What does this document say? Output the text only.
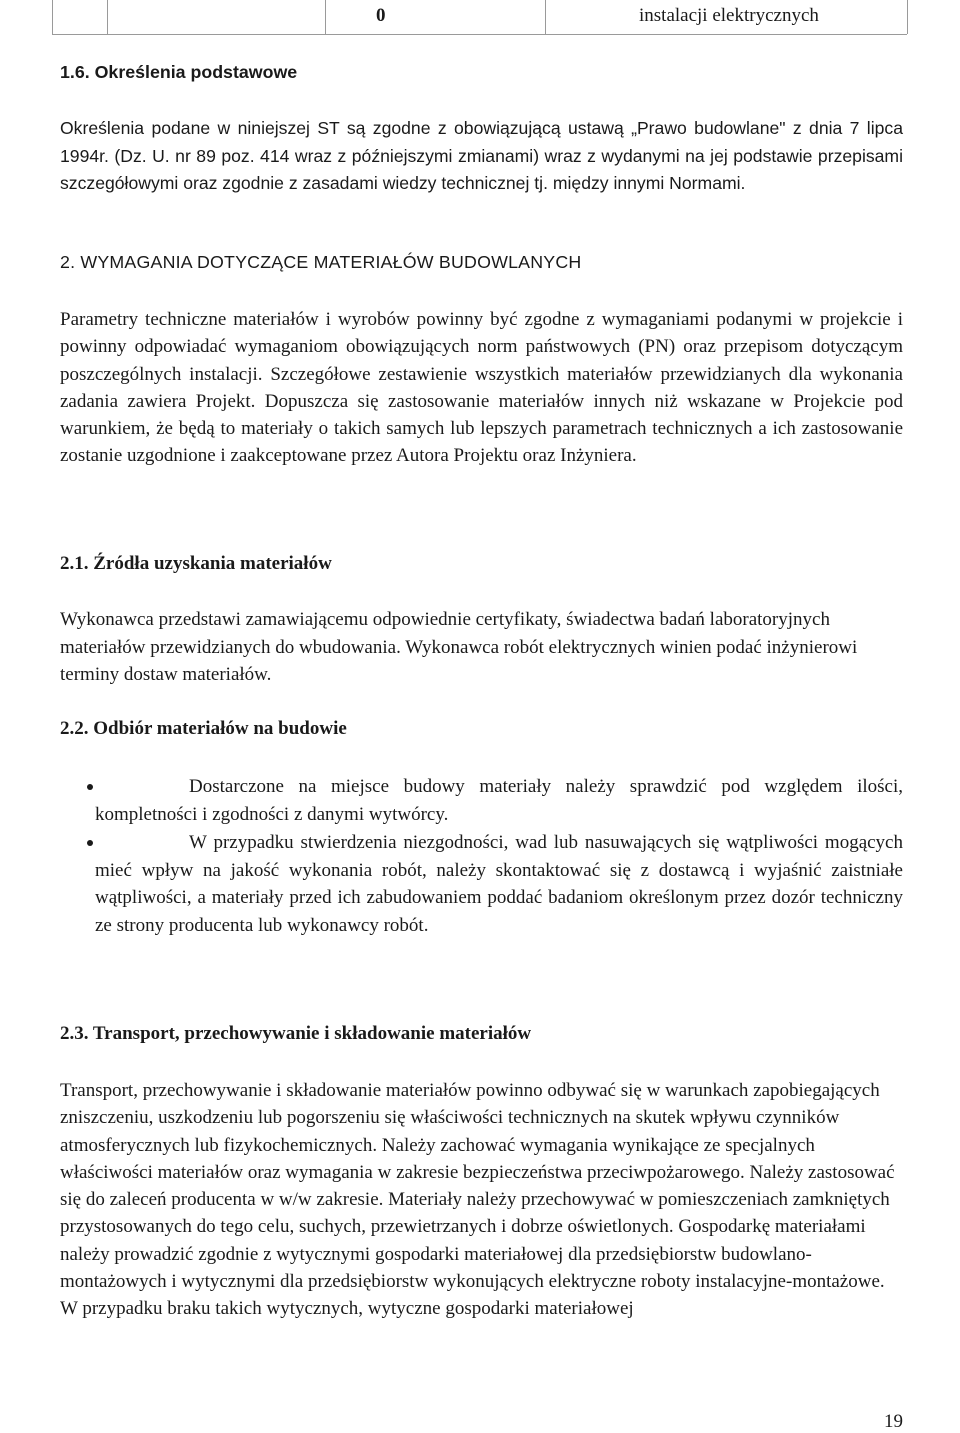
0	instalacji elektrycznych
1.6. Określenia podstawowe
Określenia podane w niniejszej ST są zgodne z obowiązującą ustawą „Prawo budowlane" z dnia 7 lipca 1994r. (Dz. U. nr 89 poz. 414 wraz z późniejszymi zmianami) wraz z wydanymi na jej podstawie przepisami szczegółowymi oraz zgodnie z zasadami wiedzy technicznej tj. między innymi Normami.
2. WYMAGANIA DOTYCZĄCE MATERIAŁÓW BUDOWLANYCH
Parametry techniczne materiałów i wyrobów powinny być zgodne z wymaganiami podanymi w projekcie i powinny odpowiadać wymaganiom obowiązujących norm państwowych (PN) oraz przepisom dotyczącym poszczególnych instalacji. Szczegółowe zestawienie wszystkich materiałów przewidzianych dla wykonania zadania zawiera Projekt. Dopuszcza się zastosowanie materiałów innych niż wskazane w Projekcie pod warunkiem, że będą to materiały o takich samych lub lepszych parametrach technicznych a ich zastosowanie zostanie uzgodnione i zaakceptowane przez Autora Projektu oraz Inżyniera.
2.1. Źródła uzyskania materiałów
Wykonawca przedstawi zamawiającemu odpowiednie certyfikaty, świadectwa badań laboratoryjnych materiałów przewidzianych do wbudowania. Wykonawca robót elektrycznych winien podać inżynierowi terminy dostaw materiałów.
2.2. Odbiór materiałów na budowie
Dostarczone na miejsce budowy materiały należy sprawdzić pod względem ilości, kompletności i zgodności z danymi wytwórcy.
W przypadku stwierdzenia niezgodności, wad lub nasuwających się wątpliwości mogących mieć wpływ na jakość wykonania robót, należy skontaktować się z dostawcą i wyjaśnić zaistniałe wątpliwości, a materiały przed ich zabudowaniem poddać badaniom określonym przez dozór techniczny ze strony producenta lub wykonawcy robót.
2.3. Transport, przechowywanie i składowanie materiałów
Transport, przechowywanie i składowanie materiałów powinno odbywać się w warunkach zapobiegających zniszczeniu, uszkodzeniu lub pogorszeniu się właściwości technicznych na skutek wpływu czynników atmosferycznych lub fizykochemicznych. Należy zachować wymagania wynikające ze specjalnych właściwości materiałów oraz wymagania w zakresie bezpieczeństwa przeciwpożarowego. Należy zastosować się do zaleceń producenta w w/w zakresie. Materiały należy przechowywać w pomieszczeniach zamkniętych przystosowanych do tego celu, suchych, przewietrzanych i dobrze oświetlonych. Gospodarkę materiałami należy prowadzić zgodnie z wytycznymi gospodarki materiałowej dla przedsiębiorstw budowlano-montażowych i wytycznymi dla przedsiębiorstw wykonujących elektryczne roboty instalacyjne-montażowe. W przypadku braku takich wytycznych, wytyczne gospodarki materiałowej
19
